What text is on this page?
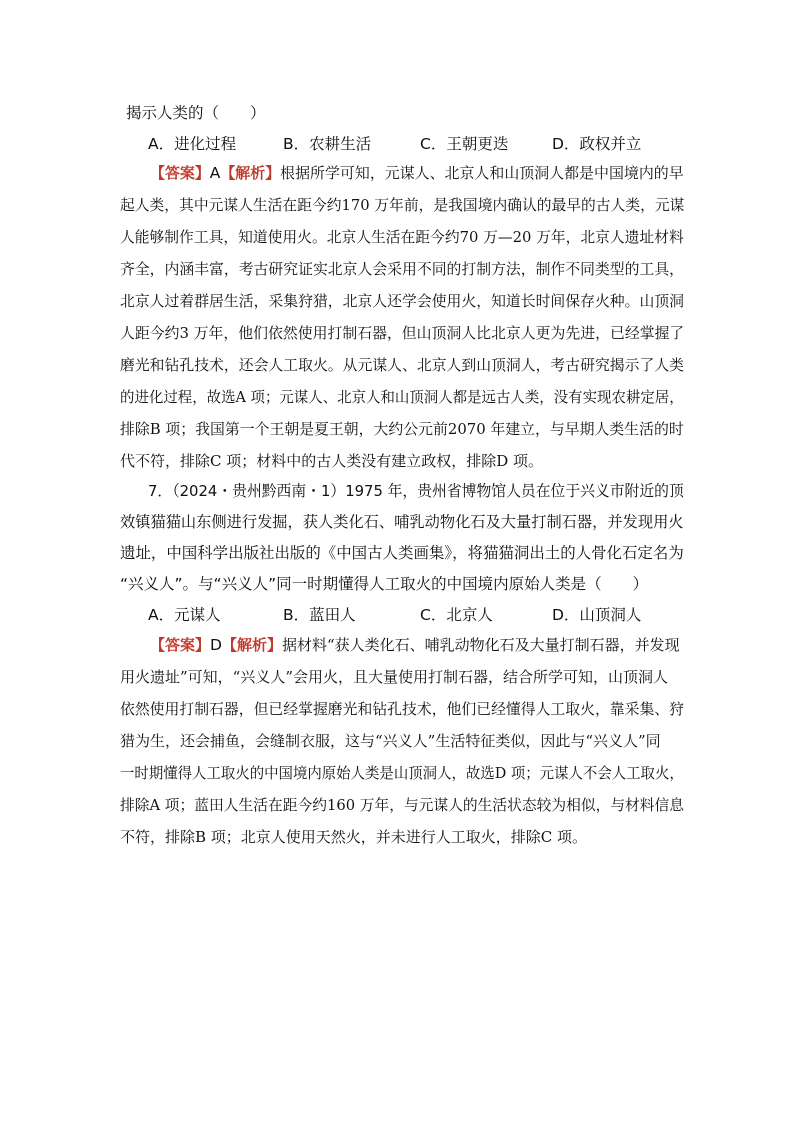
揭示人类的（　　）
A．进化过程	B．农耕生活	C．王朝更迭	D．政权并立
【答案】A【解析】根据所学可知，元谋人、北京人和山顶洞人都是中国境内的早
起人类，其中元谋人生活在距今约170 万年前，是我国境内确认的最早的古人类，元谋
人能够制作工具，知道使用火。北京人生活在距今约70 万—20 万年，北京人遗址材料
齐全，内涵丰富，考古研究证实北京人会采用不同的打制方法，制作不同类型的工具，
北京人过着群居生活，采集狩猎，北京人还学会使用火，知道长时间保存火种。山顶洞
人距今约3 万年，他们依然使用打制石器，但山顶洞人比北京人更为先进，已经掌握了
磨光和钻孔技术，还会人工取火。从元谋人、北京人到山顶洞人，考古研究揭示了人类
的进化过程，故选A 项；元谋人、北京人和山顶洞人都是远古人类，没有实现农耕定居，
排除B 项；我国第一个王朝是夏王朝，大约公元前2070 年建立，与早期人类生活的时
代不符，排除C 项；材料中的古人类没有建立政权，排除D 项。
7．（2024・贵州黔西南・1）1975 年，贵州省博物馆人员在位于兴义市附近的顶
效镇猫猫山东侧进行发掘，获人类化石、哺乳动物化石及大量打制石器，并发现用火
遗址，中国科学出版社出版的《中国古人类画集》，将猫猫洞出土的人骨化石定名为
“兴义人”。与“兴义人”同一时期懂得人工取火的中国境内原始人类是（　　）
A．元谋人	B．蓝田人	C．北京人	D．山顶洞人
【答案】D【解析】据材料“获人类化石、哺乳动物化石及大量打制石器，并发现
用火遗址”可知，“兴义人”会用火，且大量使用打制石器，结合所学可知，山顶洞人
依然使用打制石器，但已经掌握磨光和钻孔技术，他们已经懂得人工取火，靠采集、狩
猎为生，还会捕鱼，会缝制衣服，这与“兴义人”生活特征类似，因此与“兴义人”同
一时期懂得人工取火的中国境内原始人类是山顶洞人，故选D 项；元谋人不会人工取火，
排除A 项；蓝田人生活在距今约160 万年，与元谋人的生活状态较为相似，与材料信息
不符，排除B 项；北京人使用天然火，并未进行人工取火，排除C 项。
